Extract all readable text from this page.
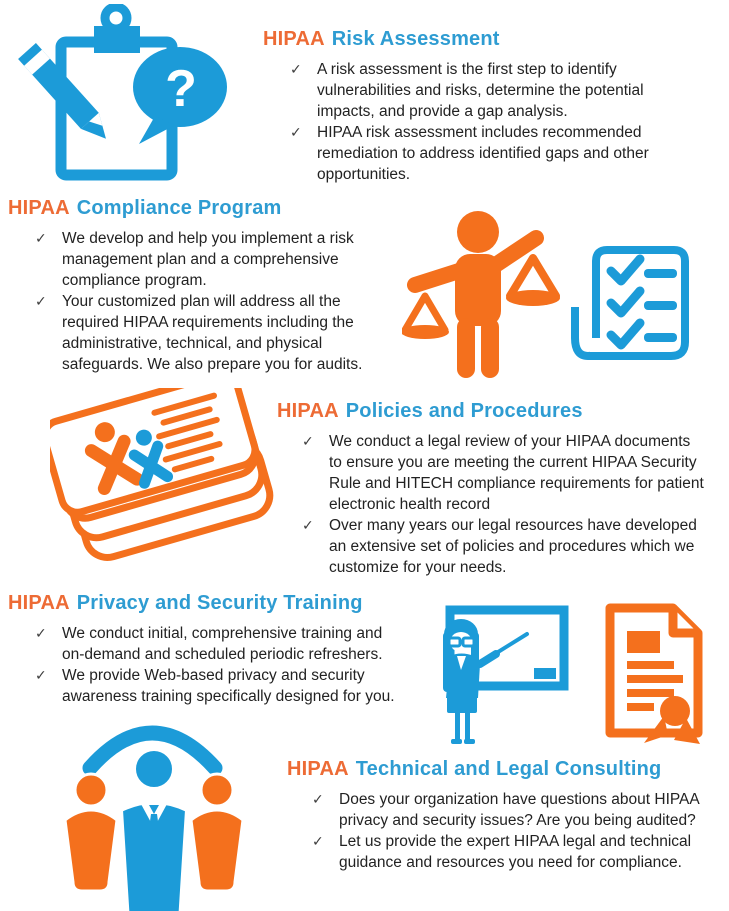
?
HIPAA Risk Assessment
✓ A risk assessment is the first step to identify vulnerabilities and risks, determine the potential impacts, and provide a gap analysis.
✓ HIPAA risk assessment includes recommended remediation to address identified gaps and other opportunities.
HIPAA Compliance Program
✓ We develop and help you implement a risk management plan and a comprehensive compliance program.
✓ Your customized plan will address all the required HIPAA requirements including the administrative, technical, and physical safeguards. We also prepare you for audits.
HIPAA Policies and Procedures
✓ We conduct a legal review of your HIPAA documents to ensure you are meeting the current HIPAA Security Rule and HITECH compliance requirements for patient electronic health record
✓ Over many years our legal resources have developed an extensive set of policies and procedures which we customize for your needs.
HIPAA Privacy and Security Training
✓ We conduct initial, comprehensive training and on-demand and scheduled periodic refreshers.
✓ We provide Web-based privacy and security awareness training specifically designed for you.
HIPAA Technical and Legal Consulting
✓ Does your organization have questions about HIPAA privacy and security issues? Are you being audited?
✓ Let us provide the expert HIPAA legal and technical guidance and resources you need for compliance.
